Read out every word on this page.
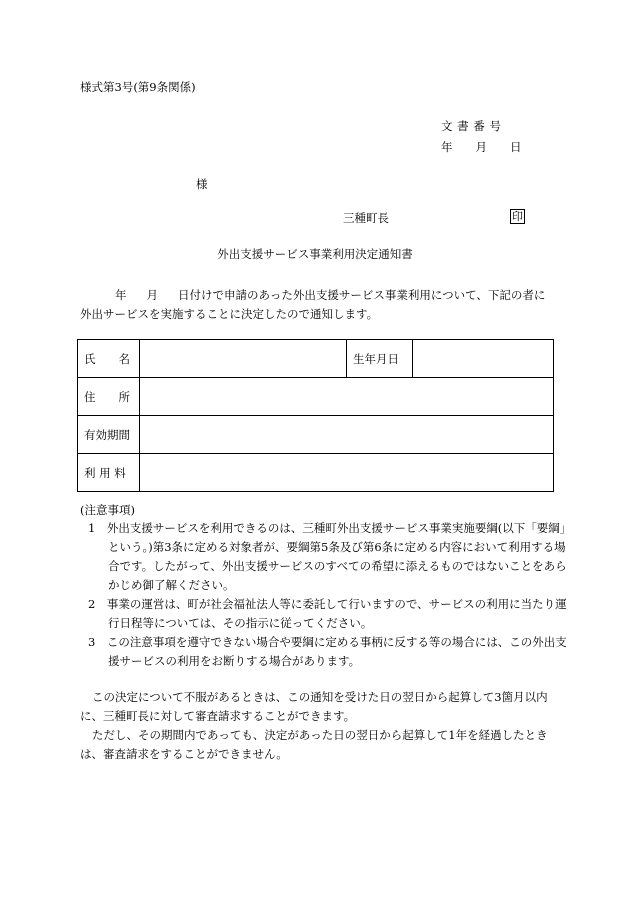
様式第3号(第9条関係)
文 書 番 号
年　　月　　日
様
三種町長	印
外出支援サービス事業利用決定通知書
年 月 日付けで申請のあった外出支援サービス事業利用について、下記の者に外出サービスを実施することに決定したので通知します。
氏　　名		生年月日	
住　　所			
有効期間			
利 用 料			
(注意事項)
1　外出支援サービスを利用できるのは、三種町外出支援サービス事業実施要綱(以下「要綱」という。)第3条に定める対象者が、要綱第5条及び第6条に定める内容において利用する場合です。したがって、外出支援サービスのすべての希望に添えるものではないことをあらかじめ御了解ください。
2　事業の運営は、町が社会福祉法人等に委託して行いますので、サービスの利用に当たり運行日程等については、その指示に従ってください。
3　この注意事項を遵守できない場合や要綱に定める事柄に反する等の場合には、この外出支援サービスの利用をお断りする場合があります。
この決定について不服があるときは、この通知を受けた日の翌日から起算して3箇月以内に、三種町長に対して審査請求することができます。
ただし、その期間内であっても、決定があった日の翌日から起算して1年を経過したときは、審査請求をすることができません。
